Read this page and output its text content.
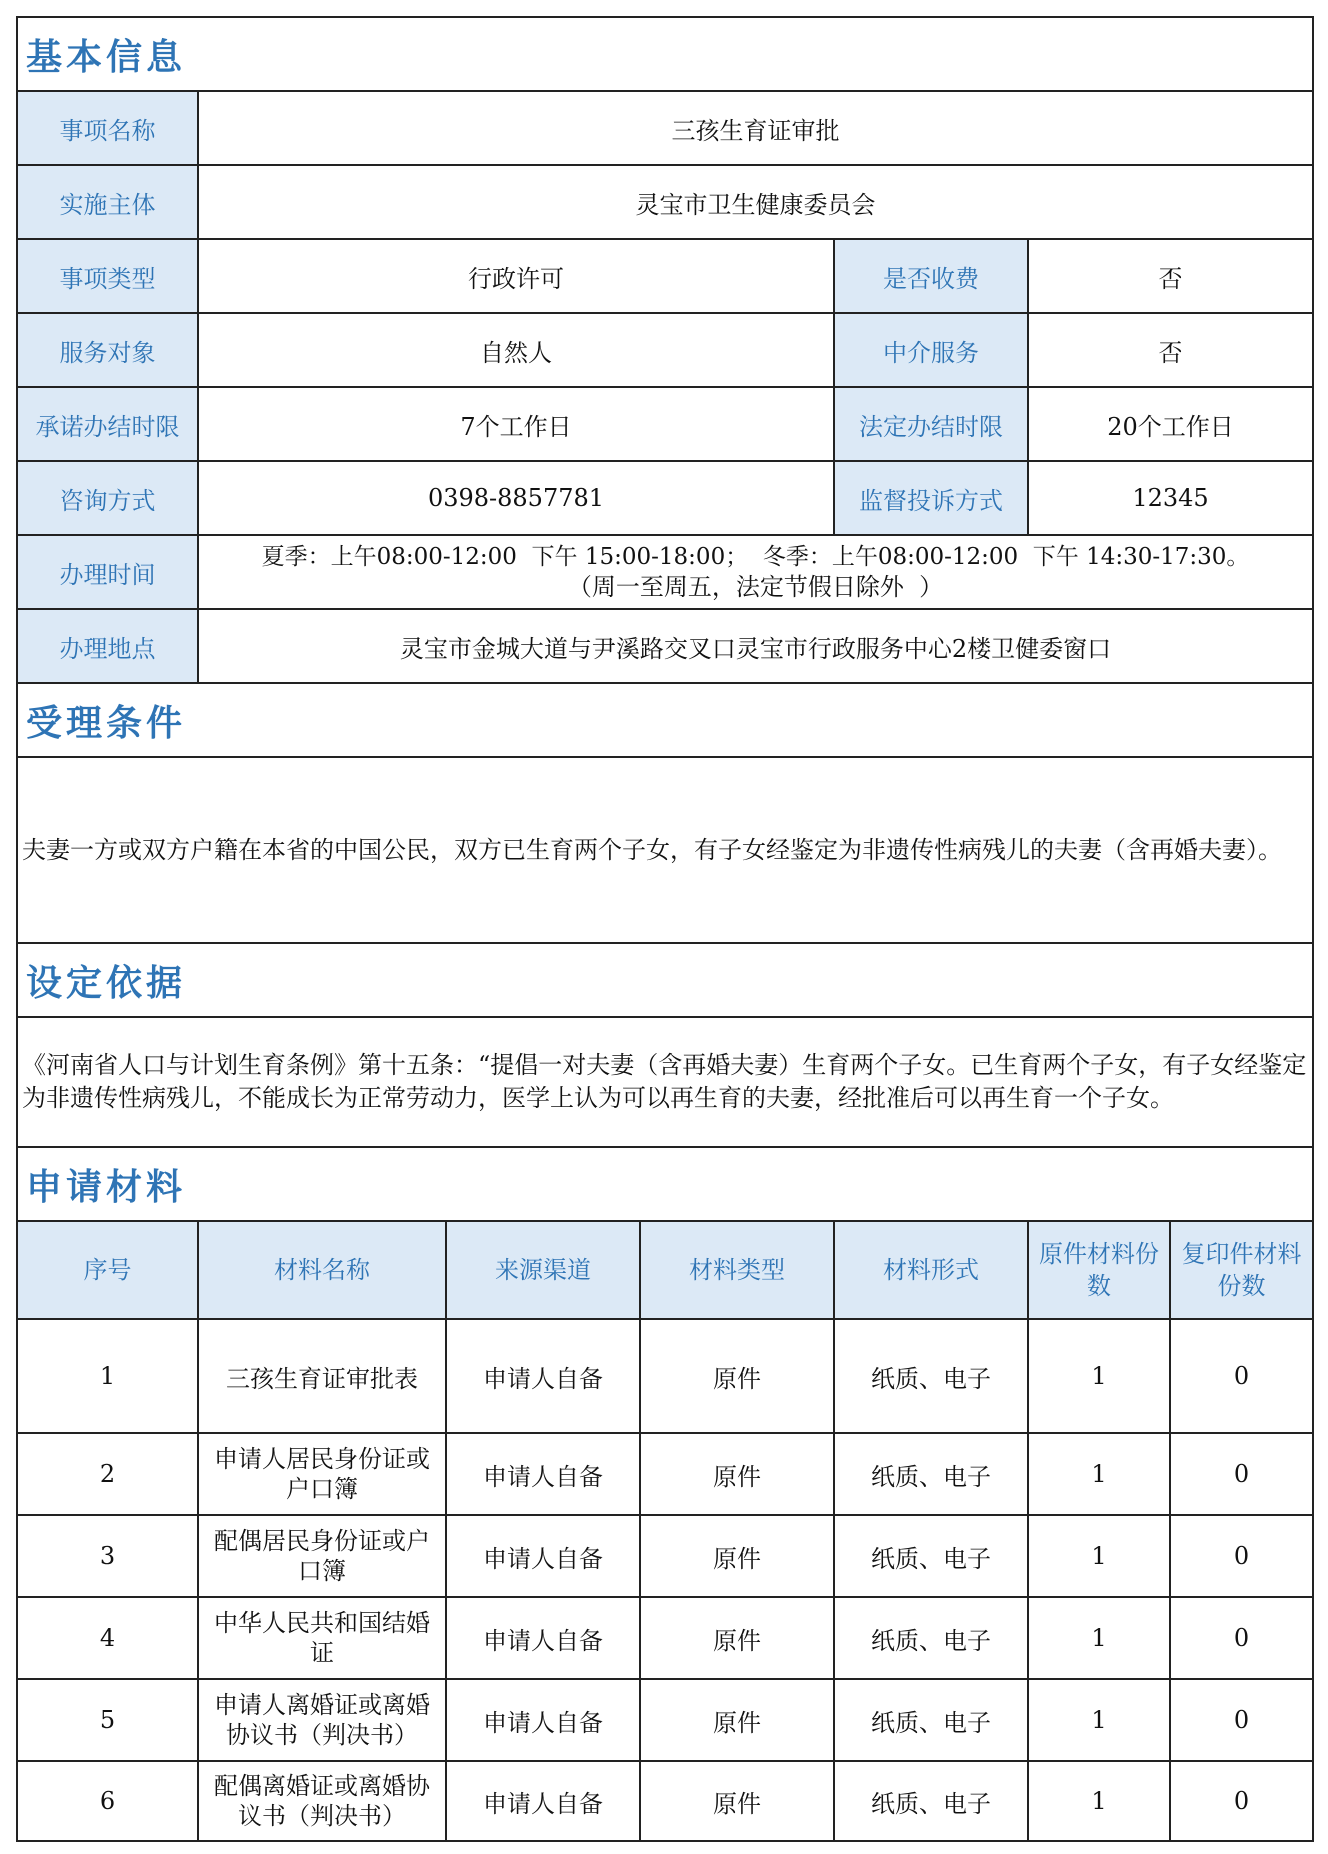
基本信息						
事项名称	三孩生育证审批					
实施主体	灵宝市卫生健康委员会					
事项类型	行政许可			是否收费	否	
服务对象	自然人			中介服务	否	
承诺办结时限	7个工作日			法定办结时限	20个工作日	
咨询方式	0398-8857781			监督投诉方式	12345	
办理时间	夏季：上午08:00-12:00  下午 15:00-18:00；  冬季：上午08:00-12:00  下午 14:30-17:30。
（周一至周五，法定节假日除外  ）					

办理地点	灵宝市金城大道与尹溪路交叉口灵宝市行政服务中心2楼卫健委窗口					
受理条件						
夫妻一方或双方户籍在本省的中国公民，双方已生育两个子女，有子女经鉴定为非遗传性病残儿的夫妻（含再婚夫妻）。						
设定依据						
《河南省人口与计划生育条例》第十五条：“提倡一对夫妻（含再婚夫妻）生育两个子女。已生育两个子女，有子女经鉴定为非遗传性病残儿，不能成长为正常劳动力，医学上认为可以再生育的夫妻，经批准后可以再生育一个子女。						
申请材料						
序号	材料名称	来源渠道	材料类型	材料形式	原件材料份数	复印件材料份数
1	三孩生育证审批表	申请人自备	原件	纸质、电子	1	0
2	申请人居民身份证或户口簿	申请人自备	原件	纸质、电子	1	0
3	配偶居民身份证或户口簿	申请人自备	原件	纸质、电子	1	0
4	中华人民共和国结婚证	申请人自备	原件	纸质、电子	1	0
5	申请人离婚证或离婚协议书（判决书）	申请人自备	原件	纸质、电子	1	0
6	配偶离婚证或离婚协议书（判决书）	申请人自备	原件	纸质、电子	1	0
